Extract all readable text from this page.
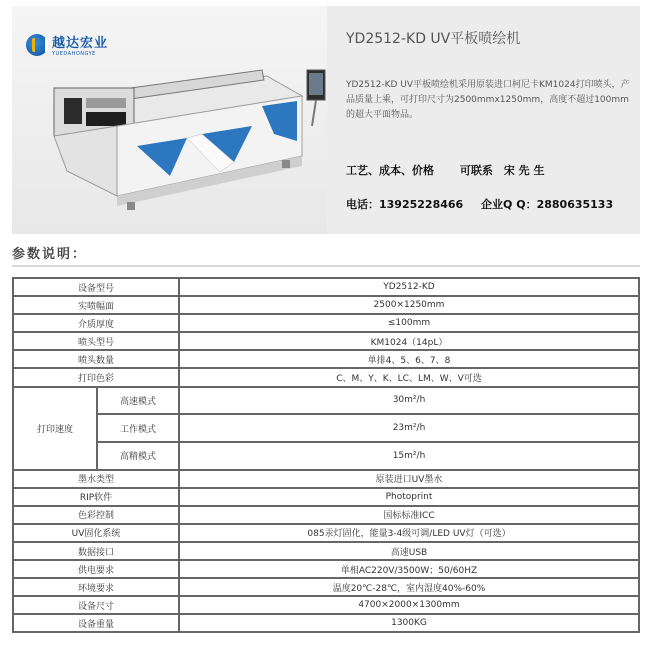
越达宏业
YUEDAHONGYE
YD2512-KD UV平板喷绘机
YD2512-KD UV平板喷绘机采用原装进口柯尼卡KM1024打印喷头，产品质量上乘，可打印尺寸为2500mmx1250mm，高度不超过100mm的超大平面物品。
工艺、成本、价格 可联系　宋 先 生
电话：13925228466 企业Q Q：2880635133
参数说明：
设备型号		YD2512-KD
实喷幅面		2500×1250mm
介质厚度		≤100mm
喷头型号		KM1024（14pL）
喷头数量		单排4、5、6、7、8
打印色彩		C、M、Y、K、LC、LM、W、V可选
打印速度	高速模式	30m²/h
	工作模式	23m²/h
	高精模式	15m²/h
墨水类型		原装进口UV墨水
RIP软件		Photoprint
色彩控制		国标标准ICC
UV固化系统		085汞灯固化，能量3-4级可调/LED UV灯（可选）
数据接口		高速USB
供电要求		单相AC220V/3500W；50/60HZ
环境要求		温度20℃-28℃，室内湿度40%-60%
设备尺寸		4700×2000×1300mm
设备重量		1300KG
